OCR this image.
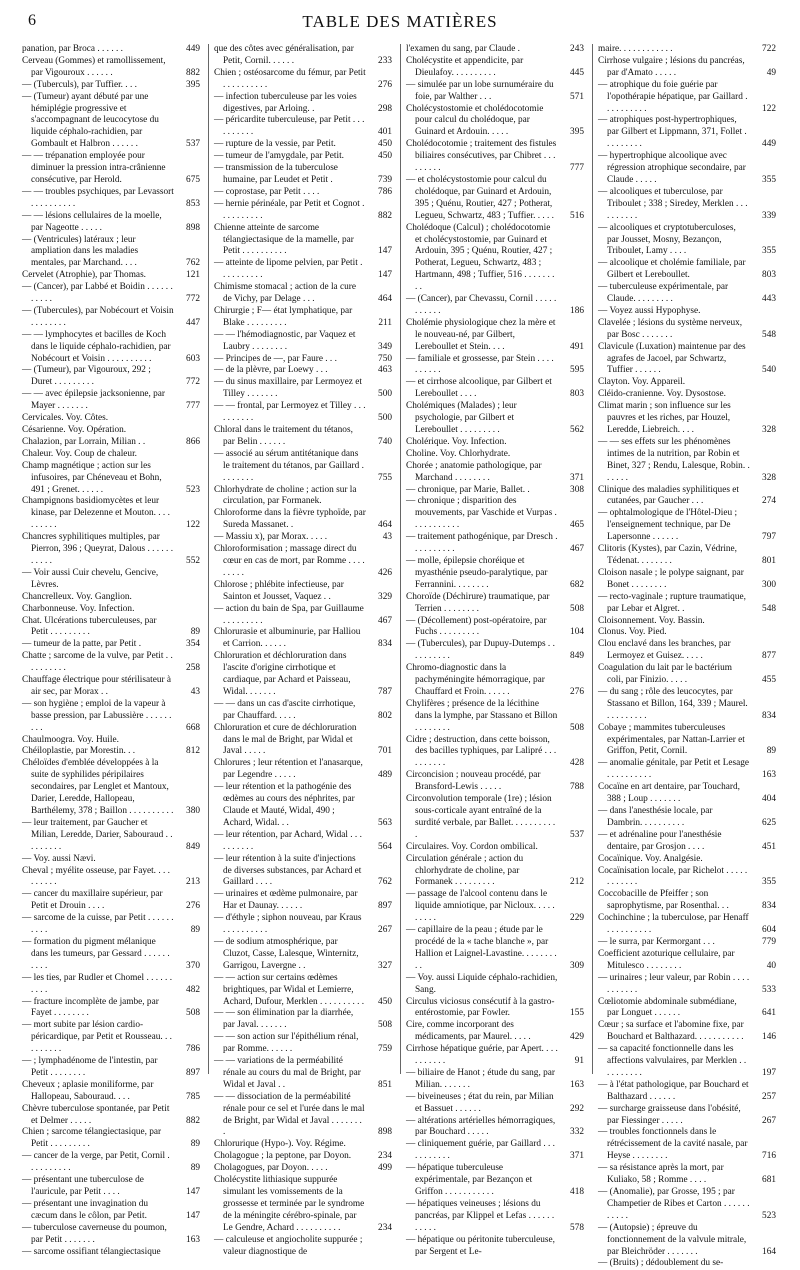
6	TABLE DES MATIÈRES
panation, par Broca . . . . . .	449
Cerveau (Gommes) et ramollissement, par Vigouroux . . . . . .	882
— (Tuberculs), par Tuffier. . . .	395
— (Tumeur) ayant débuté par une hémiplégie progressive et s'accompagnant de leucocytose du liquide céphalo-rachidien, par Gombault et Halbron . . . . . .	537
— — trépanation employée pour diminuer la pression intra-crânienne consécutive, par Herold.	675
— — troubles psychiques, par Levassort . . . . . . . . . .	853
— — lésions cellulaires de la moelle, par Nageotte . . . . .	898
— (Ventricules) latéraux ; leur ampliation dans les maladies mentales, par Marchand. . . .	762
Cervelet (Atrophie), par Thomas.	121
— (Cancer), par Labbé et Boidin . . . . . . . . . . .	772
— (Tubercules), par Nobécourt et Voisin . . . . . . . .	447
— — lymphocytes et bacilles de Koch dans le liquide céphalo-rachidien, par Nobécourt et Voisin . . . . . . . . . .	603
— (Tumeur), par Vigouroux, 292 ; Duret . . . . . . . . .	772
— — avec épilepsie jacksonienne, par Mayer . . . . . . .	777
Cervicales. Voy. Côtes.
Césarienne. Voy. Opération.
Chalazion, par Lorrain, Milian . .	866
Chaleur. Voy. Coup de chaleur.
Champ magnétique ; action sur les infusoires, par Chéneveau et Bohn, 491 ; Grenet. . . . . .	523
Champignons basidiomycètes et leur kinase, par Delezenne et Mouton. . . . . . . . . .	122
Chancres syphilitiques multiples, par Pierron, 396 ; Queyrat, Dalous . . . . . . . . . . .	552
— Voir aussi Cuir chevelu, Gencive, Lèvres.
Chancrelleux. Voy. Ganglion.
Charbonneuse. Voy. Infection.
Chat. Ulcérations tuberculeuses, par Petit . . . . . . . . .	89
— tumeur de la patte, par Petit .	354
Chatte ; sarcome de la vulve, par Petit . . . . . . . . . .	258
Chauffage électrique pour stérilisateur à air sec, par Morax . .	43
— son hygiène ; emploi de la vapeur à basse pression, par Labussière . . . . . . . . .	668
Chaulmoogra. Voy. Huile.
Chéiloplastie, par Morestin. . .	812
Chéloïdes d'emblée développées à la suite de syphilides péripilaires secondaires, par Lenglet et Mantoux, Darier, Leredde, Hallopeau, Barthélemy, 378 ; Baillon . . . . . . . . . . 380
— leur traitement, par Gaucher et Milian, Leredde, Darier, Sabouraud . . . . . . . . .	849
— Voy. aussi Nævi.
Cheval ; myélite osseuse, par Fayet. . . . . . . . . .	213
— cancer du maxillaire supérieur, par Petit et Drouin . . . .	276
— sarcome de la cuisse, par Petit . . . . . . . . . .	89
— formation du pigment mélanique dans les tumeurs, par Gessard . . . . . . . . . .	370
— les ties, par Rudler et Chomel . . . . . . . . . .	482
— fracture incomplète de jambe, par Fayet . . . . . . . .	508
— mort subite par lésion cardio-péricardique, par Petit et Rousseau. . . . . . . . . .	786
— ; lymphadénome de l'intestin, par Petit . . . . . . . .	897
Cheveux ; aplasie moniliforme, par Hallopeau, Sabouraud. . . .	785
Chèvre tuberculose spontanée, par Petit et Delmer . . . . .	882
Chien ; sarcome télangiectasique, par Petit . . . . . . . . .	89
— cancer de la verge, par Petit, Cornil . . . . . . . . . .	89
— présentant une tuberculose de l'auricule, par Petit . . . .	147
— présentant une invagination du cæcum dans le côlon, par Petit.	147
— tuberculose caverneuse du poumon, par Petit . . . . . . .	163
— sarcome ossifiant télangiectasique
que des côtes avec généralisation, par Petit, Cornil. . . . . .	233
Chien ; ostéosarcome du fémur, par Petit . . . . . . . . . .	276
— infection tuberculeuse par les voies digestives, par Arloing. .	298
— péricardite tuberculeuse, par Petit . . . . . . . . . .	401
— rupture de la vessie, par Petit.	450
— tumeur de l'amygdale, par Petit.	450
— transmission de la tuberculose humaine, par Leudet et Petit .	739
— coprostase, par Petit . . . .	786
— hernie périnéale, par Petit et Cognot . . . . . . . . . .	882
Chienne atteinte de sarcome télangiectasique de la mamelle, par Petit . . . . . . . . . .	147
— atteinte de lipome pelvien, par Petit . . . . . . . . . .	147
Chimisme stomacal ; action de la cure de Vichy, par Delage . . .	464
Chirurgie ; F— état lymphatique, par Blake . . . . . . . . .	211
— — l'hémodiagnostic, par Vaquez et Laubry . . . . . . . .	349
— Principes de —, par Faure . . .	750
— de la plèvre, par Loewy . . .	463
— du sinus maxillaire, par Lermoyez et Tilley . . . . . . .	500
— — frontal, par Lermoyez et Tilley . . . . . . . . . .	500
Chloral dans le traitement du tétanos, par Belin . . . . . .	740
— associé au sérum antitétanique dans le traitement du tétanos, par Gaillard . . . . . . . .	755
Chlorhydrate de choline ; action sur la circulation, par Formanek.
Chloroforme dans la fièvre typhoïde, par Sureda Massanet. .	464
— Massiu x), par Morax. . . . .	43
Chloroformisation ; massage direct du cœur en cas de mort, par Romme . . . . . . . . .	426
Chlorose ; phlébite infectieuse, par Sainton et Jousset, Vaquez . .	329
— action du bain de Spa, par Guillaume . . . . . . . . .	467
Chlorurasie et albuminurie, par Halliou et Carrion. . . . . .	834
Chloruration et déchloruration dans l'ascite d'origine cirrhotique et cardiaque, par Achard et Paisseau, Widal. . . . . . .	787
— — dans un cas d'ascite cirrhotique, par Chauffard. . . . .	802
Chloruration et cure de déchloruration dans le mal de Bright, par Widal et Javal . . . . .	701
Chlorures ; leur rétention et l'anasarque, par Legendre . . . . .	489
— leur rétention et la pathogénie des œdèmes au cours des néphrites, par Claude et Mauté, Widal, 490 ; Achard, Widal. . .	563
— leur rétention, par Achard, Widal . . . . . . . . . .	564
— leur rétention à la suite d'injections de diverses substances, par Achard et Gaillard . . . .	762
— urinaires et œdème pulmonaire, par Har et Daunay. . . . . .	897
— d'éthyle ; siphon nouveau, par Kraus . . . . . . . . . .	267
— de sodium atmosphérique, par Cluzot, Casse, Lalesque, Winternitz, Garrigou, Lavergne . .	327
— — action sur certains œdèmes brightiques, par Widal et Lemierre, Achard, Dufour, Merklen . . . . . . . . . . 450
— — son élimination par la diarrhée, par Javal. . . . . . .	508
— — son action sur l'épithélium rénal, par Romme. . . . . .	759
— — variations de la perméabilité rénale au cours du mal de Bright, par Widal et Javal . .	851
— — dissociation de la perméabilité rénale pour ce sel et l'urée dans le mal de Bright, par Widal et Javal . . . . . . . .	898
Chlorurique (Hypo-). Voy. Régime.
Cholagogue ; la peptone, par Doyon.	234
Cholagogues, par Doyon. . . . .	499
Cholécystite lithiasique suppurée simulant les vomissements de la grossesse et terminée par le syndrome de la méningite cérébro-spinale, par Le Gendre, Achard . . . . . . . . . .	234
— calculeuse et angiocholite suppurée ; valeur diagnostique de
l'examen du sang, par Claude .	243
Cholécystite et appendicite, par Dieulafoy. . . . . . . . . .	445
— simulée par un lobe surnuméraire du foie, par Walther . . .	571
Cholécystostomie et cholédocotomie pour calcul du cholédoque, par Guinard et Ardouin. . . . .	395
Cholédocotomie ; traitement des fistules biliaires consécutives, par Chibret . . . . . . . . .	777
— et cholécystostomie pour calcul du cholédoque, par Guinard et Ardouin, 395 ; Quénu, Routier, 427 ; Potherat, Legueu, Schwartz, 483 ; Tuffier. . . . . 516
Cholédoque (Calcul) ; cholédocotomie et cholécystostomie, par Guinard et Ardouin, 395 ; Quénu, Routier, 427 ; Potherat, Legueu, Schwartz, 483 ; Hartmann, 498 ; Tuffier, 516 . . . . . . . . .
— (Cancer), par Chevassu, Cornil . . . . . . . . . . .	186
Cholémie physiologique chez la mère et le nouveau-né, par Gilbert, Lereboullet et Stein. . . .	491
— familiale et grossesse, par Stein . . . . . . . . . .	595
— et cirrhose alcoolique, par Gilbert et Lereboullet . . . .	803
Cholémiques (Malades) ; leur psychologie, par Gilbert et Lereboullet . . . . . . . . .	562
Cholérique. Voy. Infection.
Choline. Voy. Chlorhydrate.
Chorée ; anatomie pathologique, par Marchand . . . . . . . .	371
— chronique, par Marie, Ballet. .	308
— chronique ; disparition des mouvements, par Vaschide et Vurpas . . . . . . . . . . .	465
— traitement pathogénique, par Dresch . . . . . . . . . .	467
— molle, épilepsie choréique et myasthénie pseudo-paralytique, par Ferrannini. . . . . . . .	682
Choroïde (Déchirure) traumatique, par Terrien . . . . . . . .	508
— (Décollement) post-opératoire, par Fuchs . . . . . . . . .	104
— (Tubercules), par Dupuy-Dutemps . . . . . . . . . .	849
Chromo-diagnostic dans la pachyméningite hémorragique, par Chauffard et Froin. . . . . .	276
Chylifères ; présence de la lécithine dans la lymphe, par Stassano et Billon . . . . . . . .	508
Cidre ; destruction, dans cette boisson, des bacilles typhiques, par Lalipré . . . . . . . . . .	428
Circoncision ; nouveau procédé, par Bransford-Lewis . . . . .	788
Circonvolution temporale (1re) ; lésion sous-corticale ayant entraîné de la surdité verbale, par Ballet. . . . . . . . . . .	537
Circulaires. Voy. Cordon ombilical.
Circulation générale ; action du chlorhydrate de choline, par Formanek . . . . . . . . .	212
— passage de l'alcool contenu dans le liquide amniotique, par Nicloux. . . . . . . . . .	229
— capillaire de la peau ; étude par le procédé de la « tache blanche », par Hallion et Laignel-Lavastine. . . . . . . . . .	309
— Voy. aussi Liquide céphalo-rachidien, Sang.
Circulus viciosus consécutif à la gastro-entérostomie, par Fowler.	155
Cire, comme incorporant des médicaments, par Maurel. . . . .	429
Cirrhose hépatique guérie, par Apert. . . . . . . . . . .	91
— biliaire de Hanot ; étude du sang, par Milian. . . . . . .	163
— biveineuses ; état du rein, par Milian et Bassuet . . . . . .	292
— altérations artérielles hémorragiques, par Bouchard . . . . .	332
— cliniquement guérie, par Gaillard . . . . . . . . . . .	371
— hépatique tuberculeuse expérimentale, par Bezançon et Griffon . . . . . . . . . . .	418
— hépatiques veineuses ; lésions du pancréas, par Klippel et Lefas . . . . . . . . . . .	578
— hépatique ou péritonite tuberculeuse, par Sergent et Le-
maire. . . . . . . . . . . .	722
Cirrhose vulgaire ; lésions du pancréas, par d'Amato . . . . .	49
— atrophique du foie guérie par l'opothérapie hépatique, par Gaillard . . . . . . . . . .	122
— atrophiques post-hypertrophiques, par Gilbert et Lippmann, 371, Follet . . . . . . . . .	449
— hypertrophique alcoolique avec régression atrophique secondaire, par Claude . . . . .	355
— alcooliques et tuberculose, par Triboulet ; 338 ; Siredey, Merklen . . . . . . . . . .	339
— alcooliques et cryptotuberculoses, par Jousset, Mosny, Bezançon, Triboulet, Lamy . . . .	355
— alcoolique et cholémie familiale, par Gilbert et Lereboullet.	803
— tuberculeuse expérimentale, par Claude. . . . . . . . .	443
— Voyez aussi Hypophyse.
Clavelée ; lésions du système nerveux, par Bosc . . . . . . .	548
Clavicule (Luxation) maintenue par des agrafes de Jacoel, par Schwartz, Tuffier . . . . . .	540
Clayton. Voy. Appareil.
Cléido-cranienne. Voy. Dysostose.
Climat marin ; son influence sur les pauvres et les riches, par Houzel, Leredde, Liebreich. . . .	328
— — ses effets sur les phénomènes intimes de la nutrition, par Robin et Binet, 327 ; Rendu, Lalesque, Robin. . . . . . .	328
Clinique des maladies syphilitiques et cutanées, par Gaucher . . .	274
— ophtalmologique de l'Hôtel-Dieu ; l'enseignement technique, par De Lapersonne . . . . . .	797
Clitoris (Kystes), par Cazin, Védrine, Tédenat. . . . . . . .	801
Cloison nasale ; le polype saignant, par Bonet . . . . . . . .	300
— recto-vaginale ; rupture traumatique, par Lebar et Algret. .	548
Cloisonnement. Voy. Bassin.
Clonus. Voy. Pied.
Clou enclavé dans les branches, par Lermoyez et Guisez. . . . .	877
Coagulation du lait par le bactérium coli, par Finizio. . . . .	455
— du sang ; rôle des leucocytes, par Stassano et Billon, 164, 339 ; Maurel. . . . . . . . . .	834
Cobaye ; mammites tuberculeuses expérimentales, par Nattan-Larrier et Griffon, Petit, Cornil.	89
— anomalie génitale, par Petit et Lesage . . . . . . . . . .	163
Cocaïne en art dentaire, par Touchard, 388 ; Loup . . . . . . .	404
— dans l'anesthésie locale, par Dambrin. . . . . . . . . .	625
— et adrénaline pour l'anesthésie dentaire, par Grosjon . . . .	451
Cocaïnique. Voy. Analgésie.
Cocaïnisation locale, par Richelot . . . . . . . . . . . .	355
Coccobacille de Pfeiffer ; son saprophytisme, par Rosenthal. . .	834
Cochinchine ; la tuberculose, par Henaff . . . . . . . . . .	604
— le surra, par Kermorgant . . .	779
Coefficient azoturique cellulaire, par Mitulesco . . . . . . . .	40
— urinaires ; leur valeur, par Robin . . . . . . . . . . .	533
Cœliotomie abdominale submédiane, par Longuet . . . . . .	641
Cœur ; sa surface et l'abomine fixe, par Bouchard et Balthazard. . . . . . . . . . . 146
— sa capacité fonctionnelle dans les affections valvulaires, par Merklen . . . . . . . . . .	197
— à l'état pathologique, par Bouchard et Balthazard . . . . . .	257
— surcharge graisseuse dans l'obésité, par Fiessinger . . . . .	267
— troubles fonctionnels dans le rétrécissement de la cavité nasale, par Heyse . . . . . . . .	716
— sa résistance après la mort, par Kuliako, 58 ; Romme . . . .	681
— (Anomalie), par Grosse, 195 ; par Champetier de Ribes et Carton . . . . . . . . . . .	523
— (Autopsie) ; épreuve du fonctionnement de la valvule mitrale, par Bleichröder . . . . . . .	164
— (Bruits) ; dédoublement du se-
